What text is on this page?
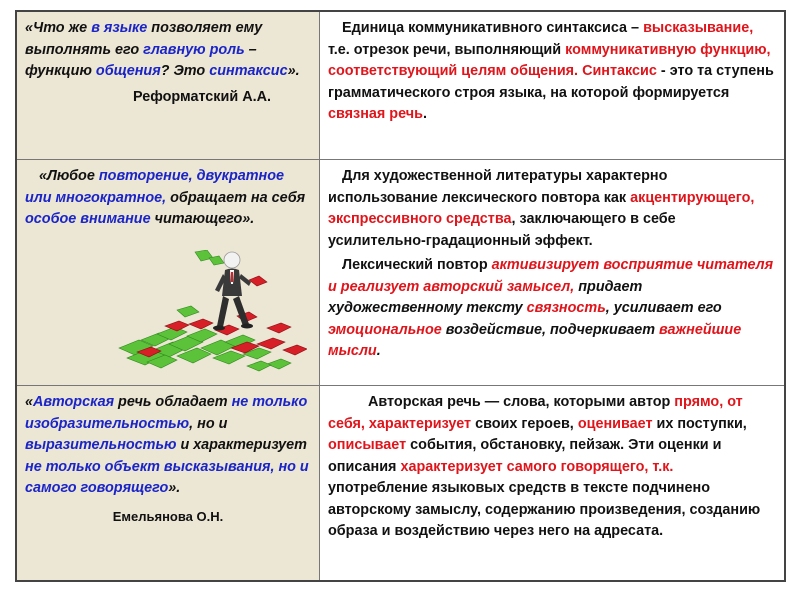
«Что же в языке позволяет ему выполнять его главную роль – функцию общения? Это синтаксис».
Реформатский А.А.
Единица коммуникативного синтаксиса – высказывание, т.е. отрезок речи, выполняющий коммуникативную функцию, соответствующий целям общения. Синтаксис - это та ступень грамматического строя языка, на которой формируется связная речь.
«Любое повторение, двукратное или многократное, обращает на себя особое внимание читающего».
Для художественной литературы характерно использование лексического повтора как акцентирующего, экспрессивного средства, заключающего в себе усилительно-градационный эффект.
Лексический повтор активизирует восприятие читателя и реализует авторский замысел, придает художественному тексту связность, усиливает его эмоциональное воздействие, подчеркивает важнейшие мысли.
«Авторская речь обладает не только изобразительностью, но и выразительностью и характеризует не только объект высказывания, но и самого говорящего».
Емельянова О.Н.
Авторская речь — слова, которыми автор прямо, от себя, характеризует своих героев, оценивает их поступки, описывает события, обстановку, пейзаж. Эти оценки и описания характеризует самого говорящего, т.к. употребление языковых средств в тексте подчинено авторскому замыслу, содержанию произведения, созданию образа и воздействию через него на адресата.
